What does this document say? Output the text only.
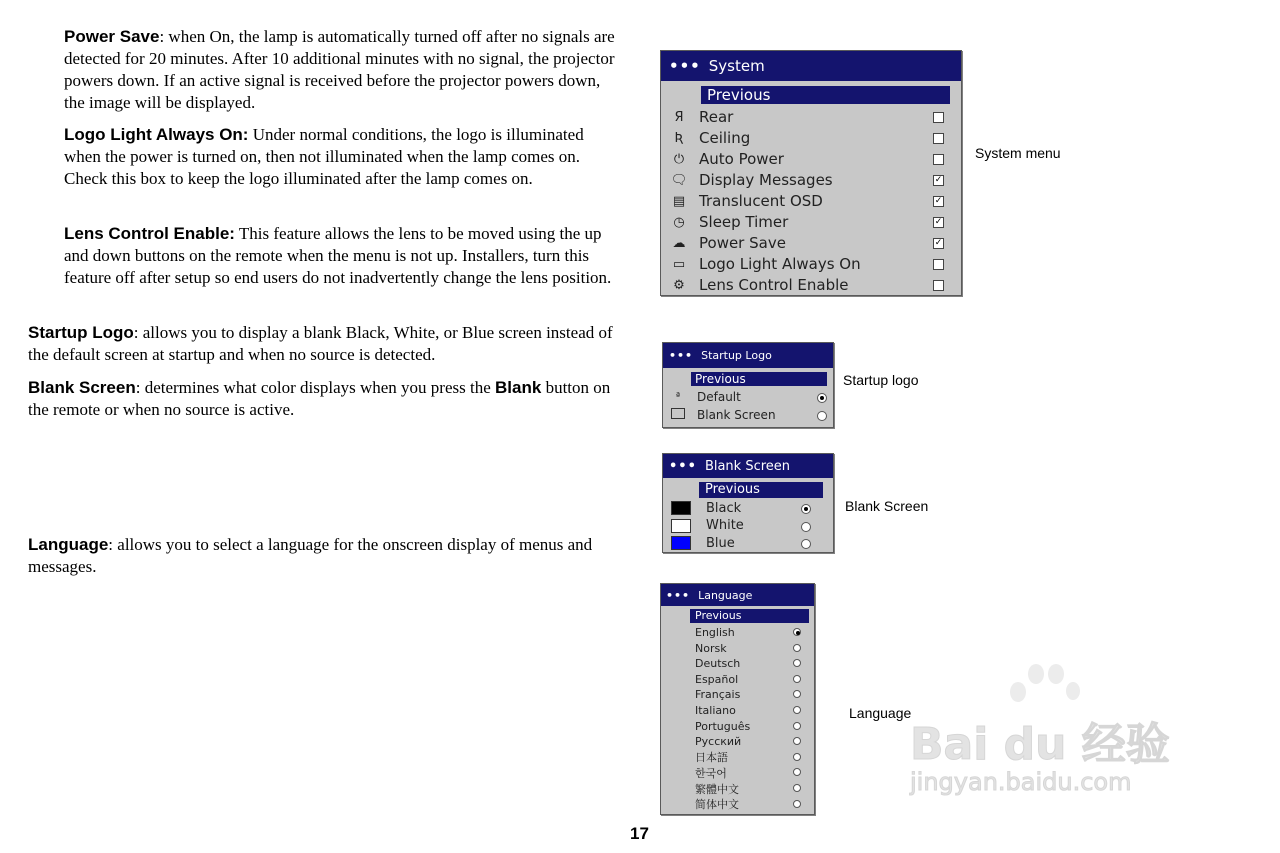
Power Save: when On, the lamp is automatically turned off after no signals are detected for 20 minutes. After 10 additional minutes with no signal, the projector powers down. If an active signal is received before the projector powers down, the image will be displayed.
Logo Light Always On: Under normal conditions, the logo is illuminated when the power is turned on, then not illuminated when the lamp comes on. Check this box to keep the logo illuminated after the lamp comes on.
Lens Control Enable: This feature allows the lens to be moved using the up and down buttons on the remote when the menu is not up. Installers, turn this feature off after setup so end users do not inadvertently change the lens position.
Startup Logo: allows you to display a blank Black, White, or Blue screen instead of the default screen at startup and when no source is detected.
Blank Screen: determines what color displays when you press the Blank button on the remote or when no source is active.
Language: allows you to select a language for the onscreen display of menus and messages.
••• System
Previous
Я	Rear
Ʀ	Ceiling
⏻ Auto Power
🗨 Display Messages	✓
▤ Translucent OSD	✓
◷ Sleep Timer	✓
☁ Power Save	✓
▭ Logo Light Always On
⚙ Lens Control Enable
System menu
••• Startup Logo
Previous
ª	Default
Blank Screen
Startup logo
••• Blank Screen
Previous
Black
White
Blue
Blank Screen
••• Language
Previous
English
Norsk
Deutsch
Español
Français
Italiano
Português
Русский
日本語
한국어
繁體中文
简体中文
Language
Bai du 经验
jingyan.baidu.com
17
